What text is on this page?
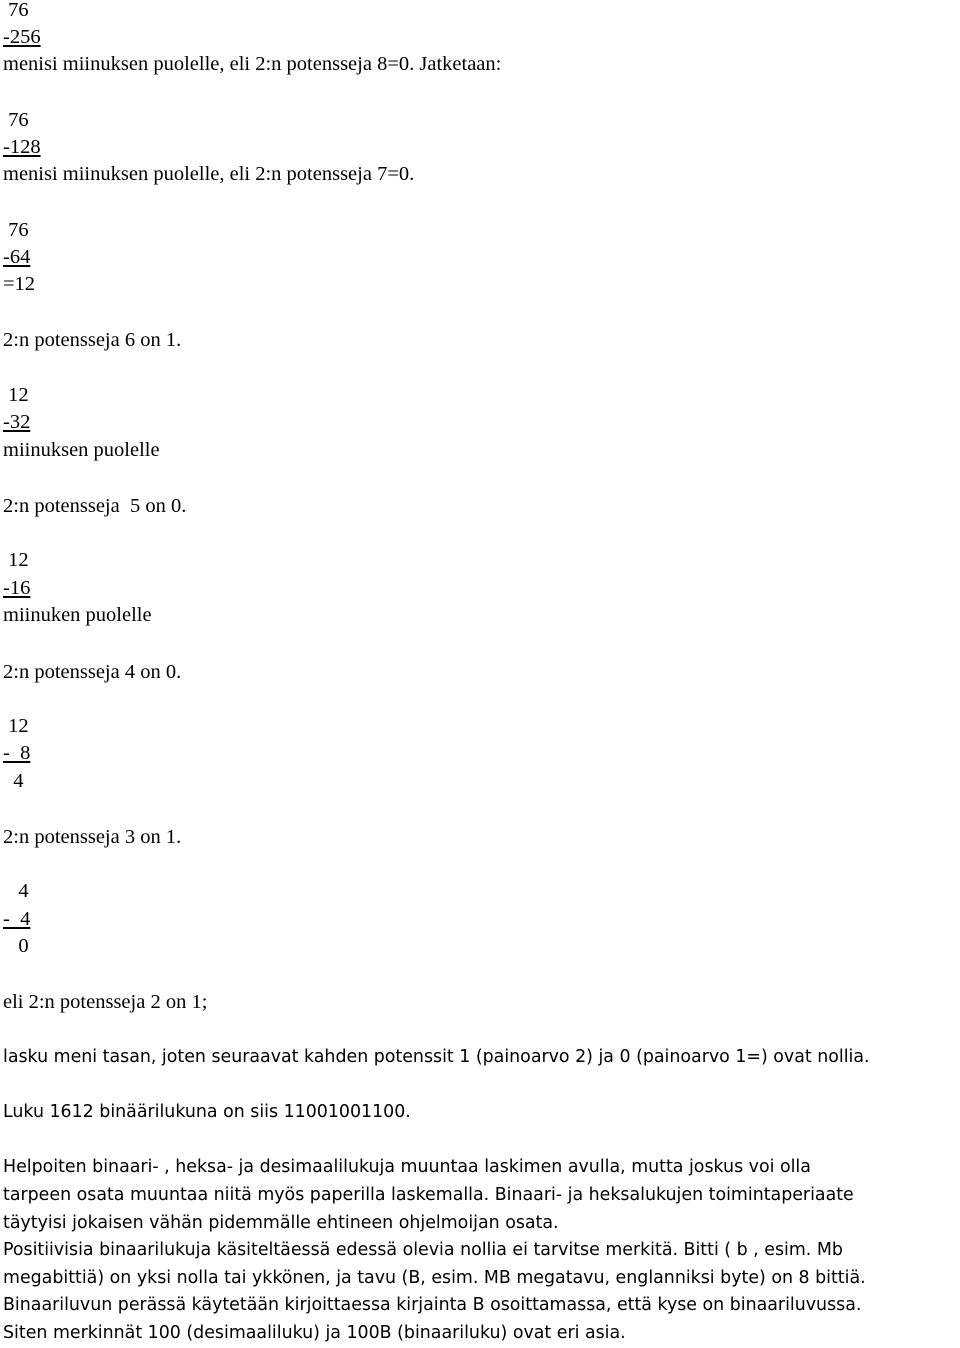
76
-256
menisi miinuksen puolelle, eli 2:n potensseja 8=0. Jatketaan:
76
-128
menisi miinuksen puolelle, eli 2:n potensseja 7=0.
76
-64
=12
2:n potensseja 6 on 1.
12
-32
miinuksen puolelle
2:n potensseja  5 on 0.
12
-16
miinuken puolelle
2:n potensseja 4 on 0.
12
-  8
4
2:n potensseja 3 on 1.
4
-  4
0
eli 2:n potensseja 2 on 1;
lasku meni tasan, joten seuraavat kahden potenssit 1 (painoarvo 2) ja 0 (painoarvo 1=) ovat nollia.
Luku 1612 binäärilukuna on siis 11001001100.
Helpoiten binaari- , heksa- ja desimaalilukuja muuntaa laskimen avulla, mutta joskus voi olla
tarpeen osata muuntaa niitä myös paperilla laskemalla. Binaari- ja heksalukujen toimintaperiaate
täytyisi jokaisen vähän pidemmälle ehtineen ohjelmoijan osata.
Positiivisia binaarilukuja käsiteltäessä edessä olevia nollia ei tarvitse merkitä. Bitti ( b , esim. Mb
megabittiä) on yksi nolla tai ykkönen, ja tavu (B, esim. MB megatavu, englanniksi byte) on 8 bittiä.
Binaariluvun perässä käytetään kirjoittaessa kirjainta B osoittamassa, että kyse on binaariluvussa.
Siten merkinnät 100 (desimaaliluku) ja 100B (binaariluku) ovat eri asia.
